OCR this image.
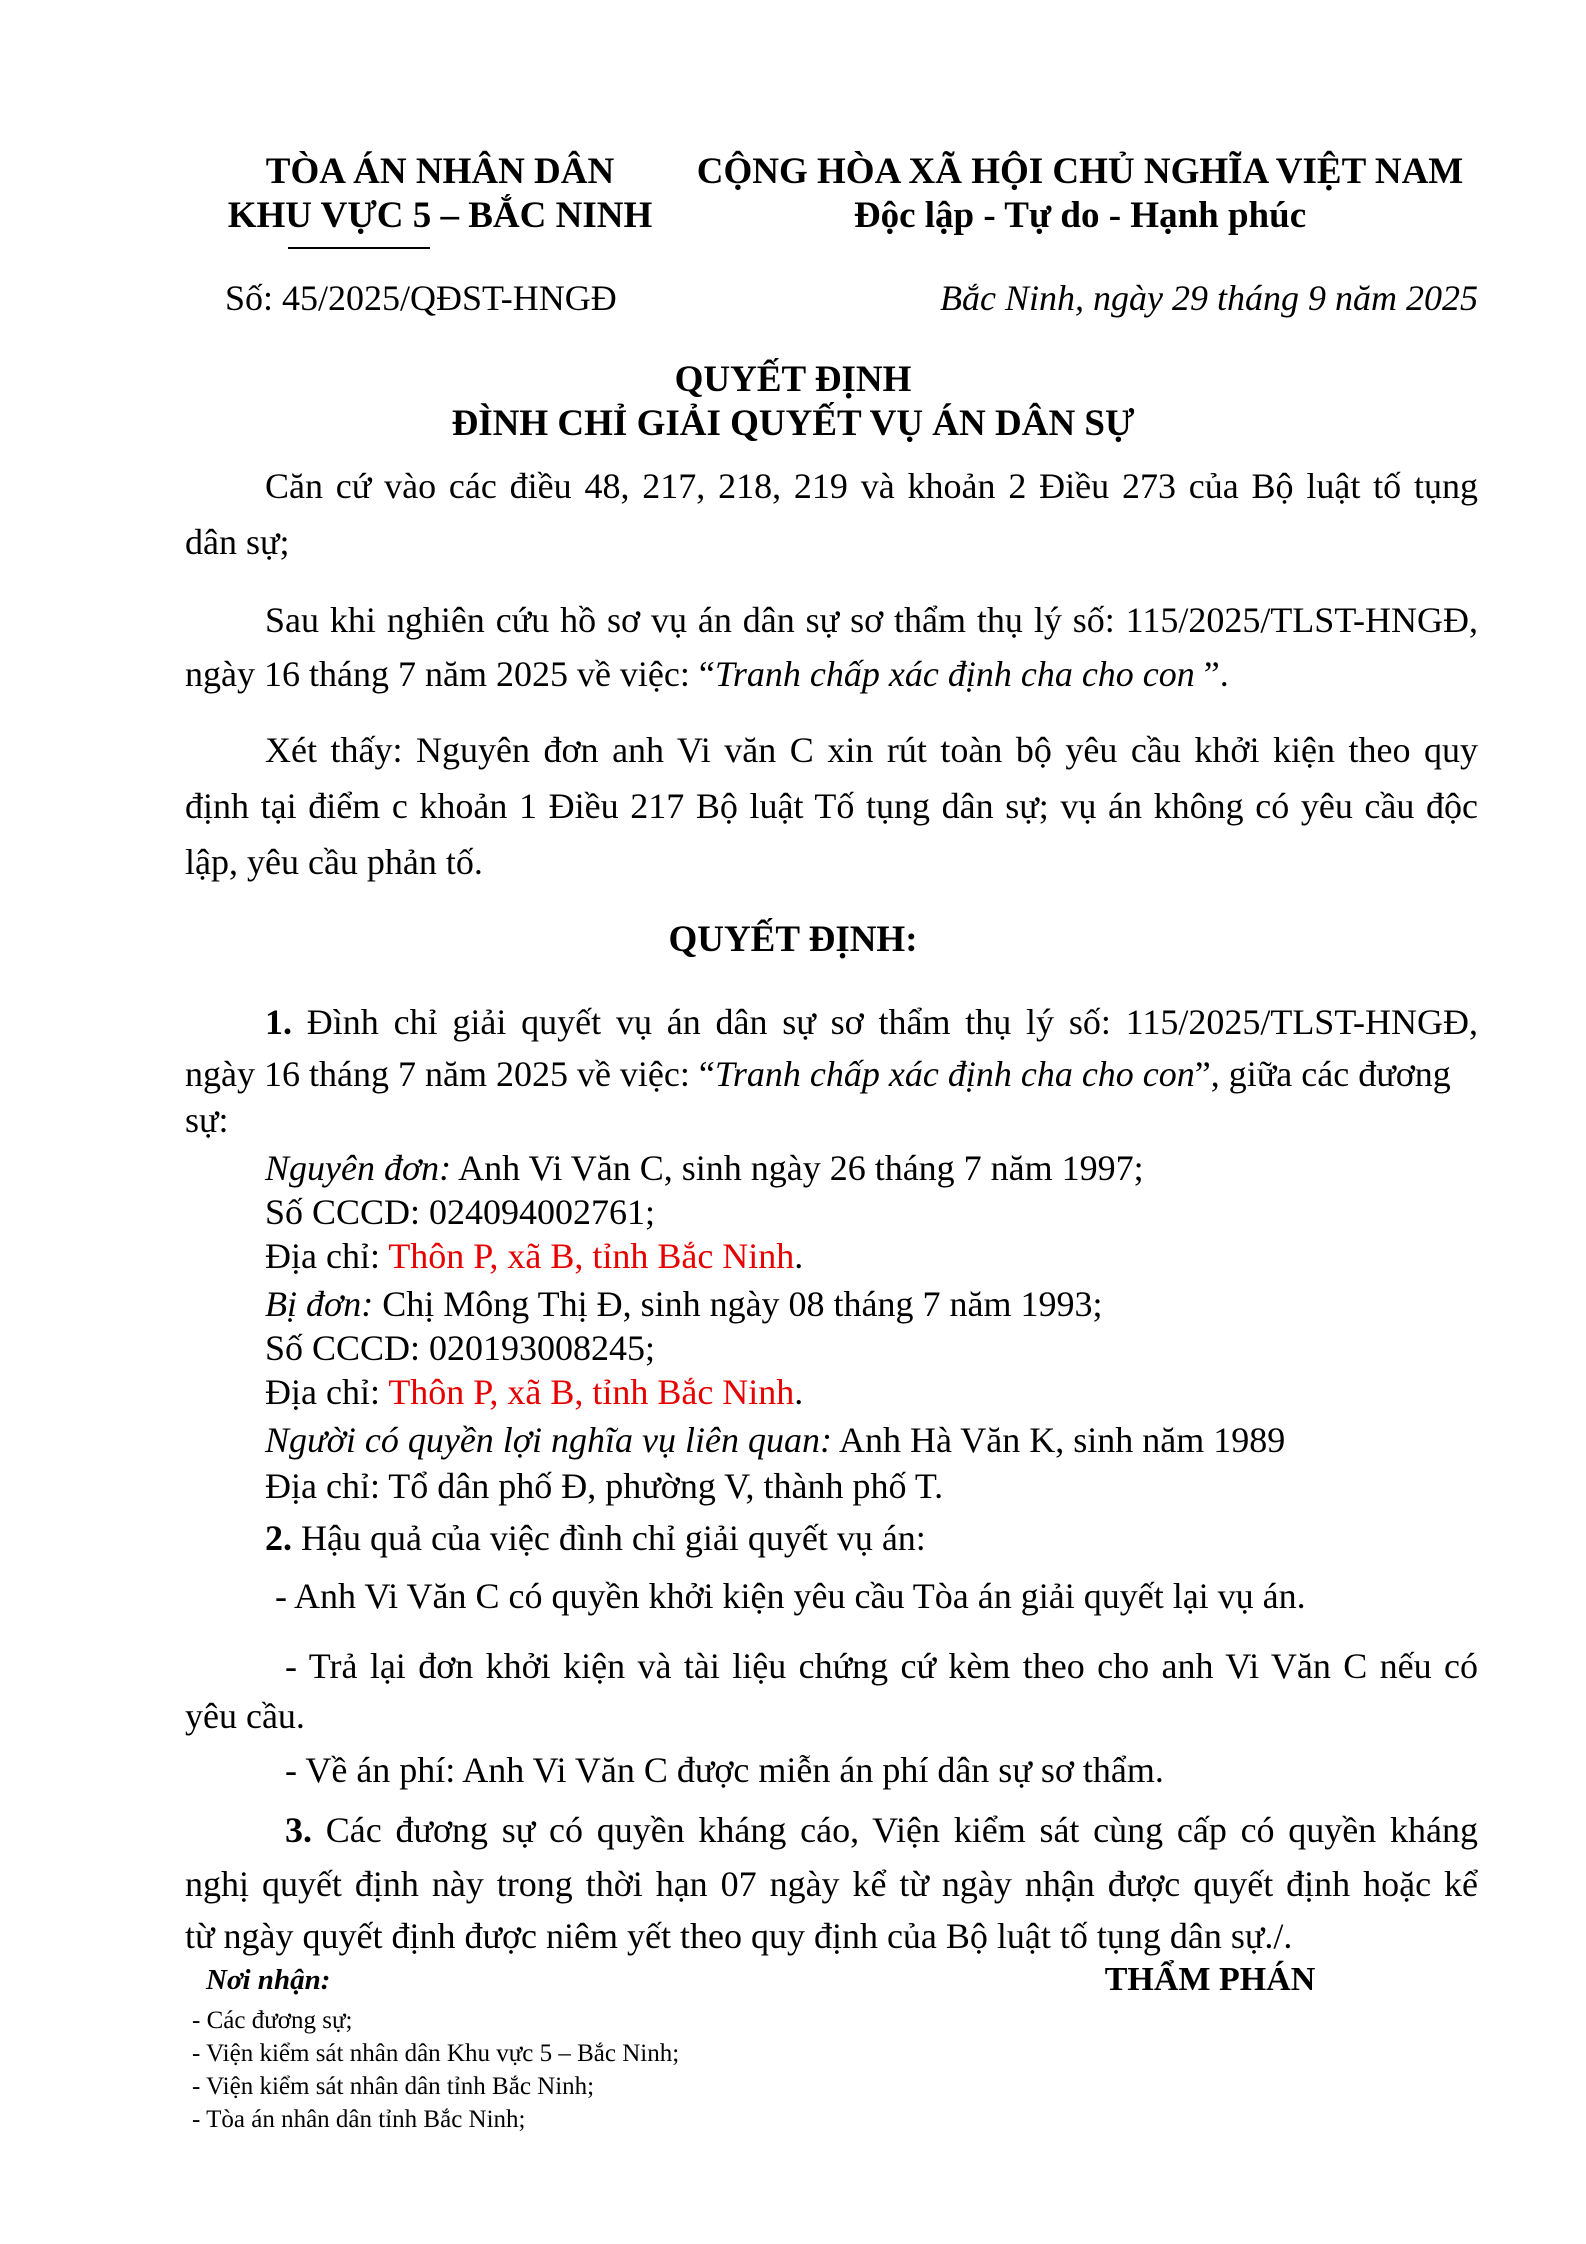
TÒA ÁN NHÂN DÂN
KHU VỰC 5 – BẮC NINH
CỘNG HÒA XÃ HỘI CHỦ NGHĨA VIỆT NAM
Độc lập - Tự do - Hạnh phúc
Số: 45/2025/QĐST-HNGĐ	Bắc Ninh, ngày 29 tháng 9 năm 2025
QUYẾT ĐỊNH
ĐÌNH CHỈ GIẢI QUYẾT VỤ ÁN DÂN SỰ
Căn cứ vào các điều 48, 217, 218, 219 và khoản 2 Điều 273 của Bộ luật tố tụng
dân sự;
Sau khi nghiên cứu hồ sơ vụ án dân sự sơ thẩm thụ lý số: 115/2025/TLST-HNGĐ,
ngày 16 tháng 7 năm 2025 về việc: “Tranh chấp xác định cha cho con ”.
Xét thấy: Nguyên đơn anh Vi văn C xin rút toàn bộ yêu cầu khởi kiện theo quy
định tại điểm c khoản 1 Điều 217 Bộ luật Tố tụng dân sự; vụ án không có yêu cầu độc
lập, yêu cầu phản tố.
QUYẾT ĐỊNH:
1. Đình chỉ giải quyết vụ án dân sự sơ thẩm thụ lý số: 115/2025/TLST-HNGĐ,
ngày 16 tháng 7 năm 2025 về việc: “Tranh chấp xác định cha cho con”, giữa các đương
sự:
Nguyên đơn: Anh Vi Văn C, sinh ngày 26 tháng 7 năm 1997;
Số CCCD: 024094002761;
Địa chỉ: Thôn P, xã B, tỉnh Bắc Ninh.
Bị đơn: Chị Mông Thị Đ, sinh ngày 08 tháng 7 năm 1993;
Số CCCD: 020193008245;
Địa chỉ: Thôn P, xã B, tỉnh Bắc Ninh.
Người có quyền lợi nghĩa vụ liên quan: Anh Hà Văn K, sinh năm 1989
Địa chỉ: Tổ dân phố Đ, phường V, thành phố T.
2. Hậu quả của việc đình chỉ giải quyết vụ án:
- Anh Vi Văn C có quyền khởi kiện yêu cầu Tòa án giải quyết lại vụ án.
- Trả lại đơn khởi kiện và tài liệu chứng cứ kèm theo cho anh Vi Văn C nếu có
yêu cầu.
- Về án phí: Anh Vi Văn C được miễn án phí dân sự sơ thẩm.
3. Các đương sự có quyền kháng cáo, Viện kiểm sát cùng cấp có quyền kháng
nghị quyết định này trong thời hạn 07 ngày kể từ ngày nhận được quyết định hoặc kể
từ ngày quyết định được niêm yết theo quy định của Bộ luật tố tụng dân sự./.
Nơi nhận:	THẨM PHÁN
- Các đương sự;
- Viện kiểm sát nhân dân Khu vực 5 – Bắc Ninh;
- Viện kiểm sát nhân dân tỉnh Bắc Ninh;
- Tòa án nhân dân tỉnh Bắc Ninh;
